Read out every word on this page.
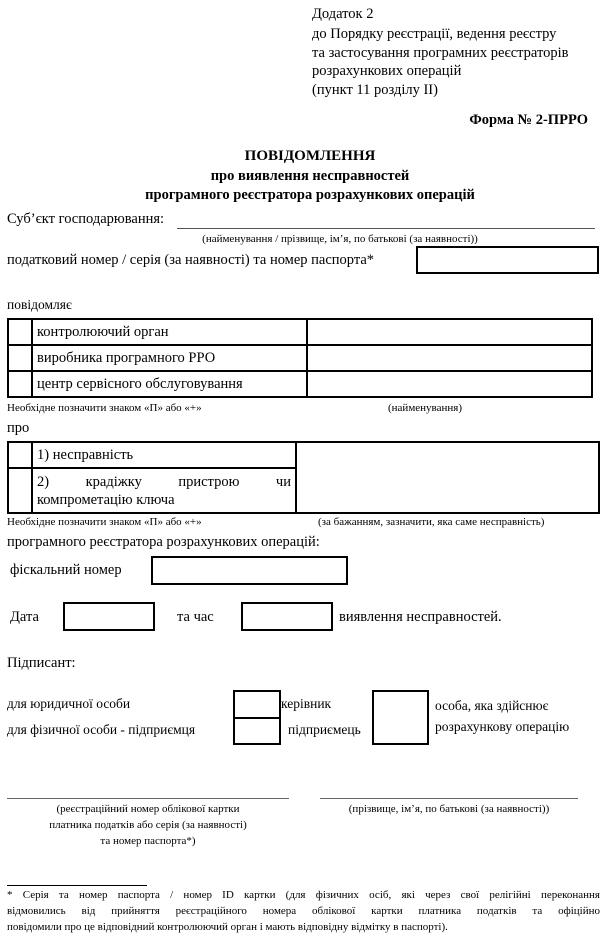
Додаток 2
до Порядку реєстрації, ведення реєстру
та застосування програмних реєстраторів
розрахункових операцій
(пункт 11 розділу ІІ)
Форма № 2-ПРРО
ПОВІДОМЛЕННЯ
про виявлення несправностей
програмного реєстратора розрахункових операцій
Суб’єкт господарювання:
(найменування / прізвище, ім’я, по батькові (за наявності))
податковий номер / серія (за наявності) та номер паспорта*
повідомляє
	контролюючий орган	
	виробника програмного РРО	
	центр сервісного обслуговування	
Необхідне позначити знаком «П» або «+»	(найменування)
про
	1) несправність	

	2) крадіжку пристрою чи
компрометацію ключа	
Необхідне позначити знаком «П» або «+»	(за бажанням, зазначити, яка саме несправність)
програмного реєстратора розрахункових операцій:
фіскальний номер
Дата	та час	виявлення несправностей.
Підписант:
для юридичної особи
для фізичної особи - підприємця
керівник
підприємець
особа, яка здійснює
розрахункову операцію
(реєстраційний номер облікової картки
платника податків або серія (за наявності)
та номер паспорта*)
(прізвище, ім’я, по батькові (за наявності))
* Серія та номер паспорта / номер ID картки (для фізичних осіб, які через свої релігійні переконання
відмовились від прийняття реєстраційного номера облікової картки платника податків та офіційно
повідомили про це відповідний контролюючий орган і мають відповідну відмітку в паспорті).
